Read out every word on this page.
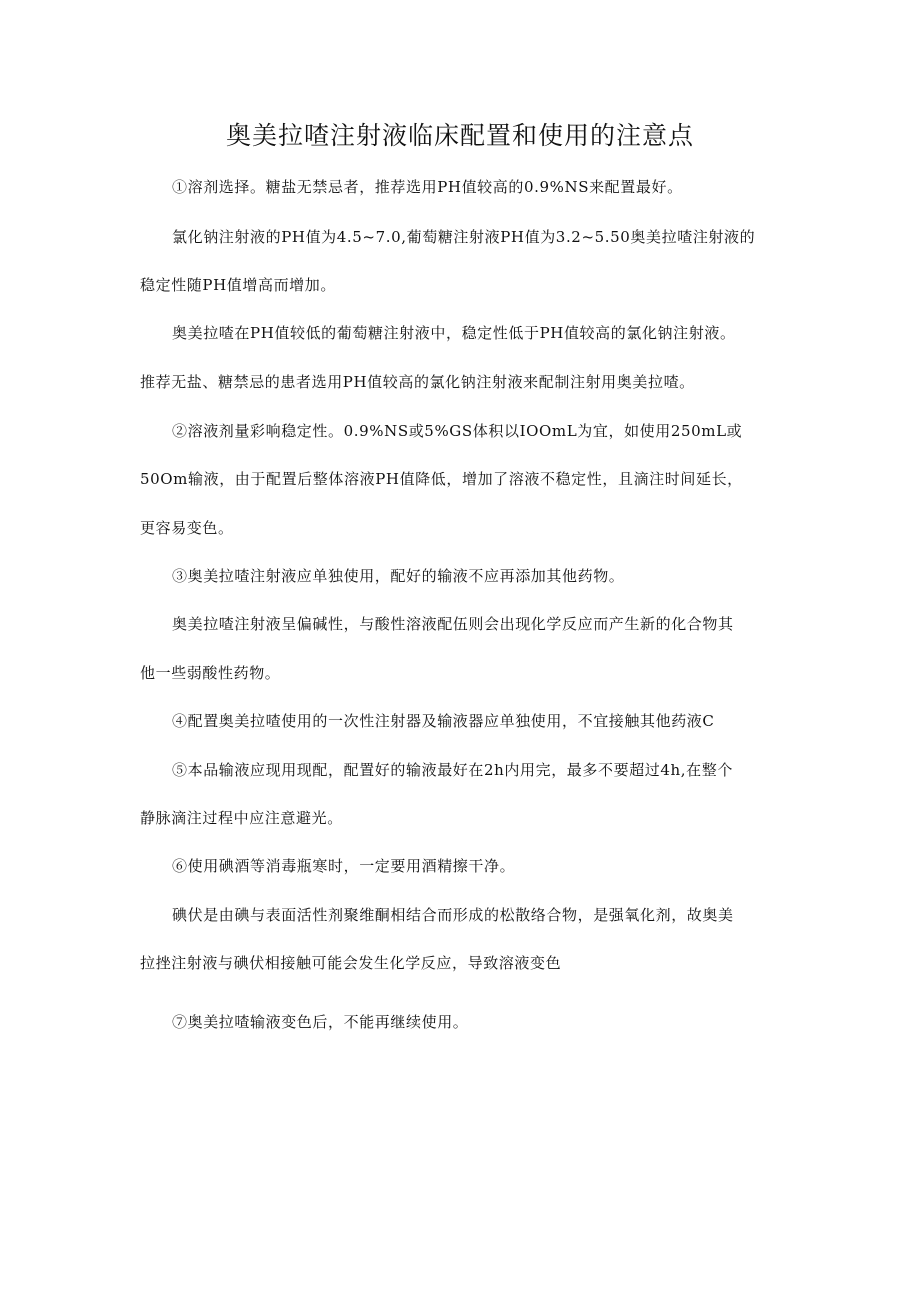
奥美拉喳注射液临床配置和使用的注意点
①溶剂选择。糖盐无禁忌者，推荐选用PH值较高的0.9%NS来配置最好。
氯化钠注射液的PH值为4.5~7.0,葡萄糖注射液PH值为3.2~5.50奥美拉喳注射液的
稳定性随PH值增高而增加。
奥美拉喳在PH值较低的葡萄糖注射液中，稳定性低于PH值较高的氯化钠注射液。
推荐无盐、糖禁忌的患者选用PH值较高的氯化钠注射液来配制注射用奥美拉喳。
②溶液剂量彩响稳定性。0.9%NS或5%GS体积以IOOmL为宜，如使用250mL或
50Om输液，由于配置后整体溶液PH值降低，增加了溶液不稳定性，且滴注时间延长，
更容易变色。
③奥美拉喳注射液应单独使用，配好的输液不应再添加其他药物。
奥美拉喳注射液呈偏碱性，与酸性溶液配伍则会出现化学反应而产生新的化合物其
他一些弱酸性药物。
④配置奥美拉喳使用的一次性注射器及输液器应单独使用，不宜接触其他药液C
⑤本品输液应现用现配，配置好的输液最好在2h内用完，最多不要超过4h,在整个
静脉滴注过程中应注意避光。
⑥使用碘酒等消毒瓶寒时，一定要用酒精擦干净。
碘伏是由碘与表面活性剂聚维酮相结合而形成的松散络合物，是强氧化剂，故奥美
拉挫注射液与碘伏相接触可能会发生化学反应，导致溶液变色
⑦奥美拉喳输液变色后，不能再继续使用。
